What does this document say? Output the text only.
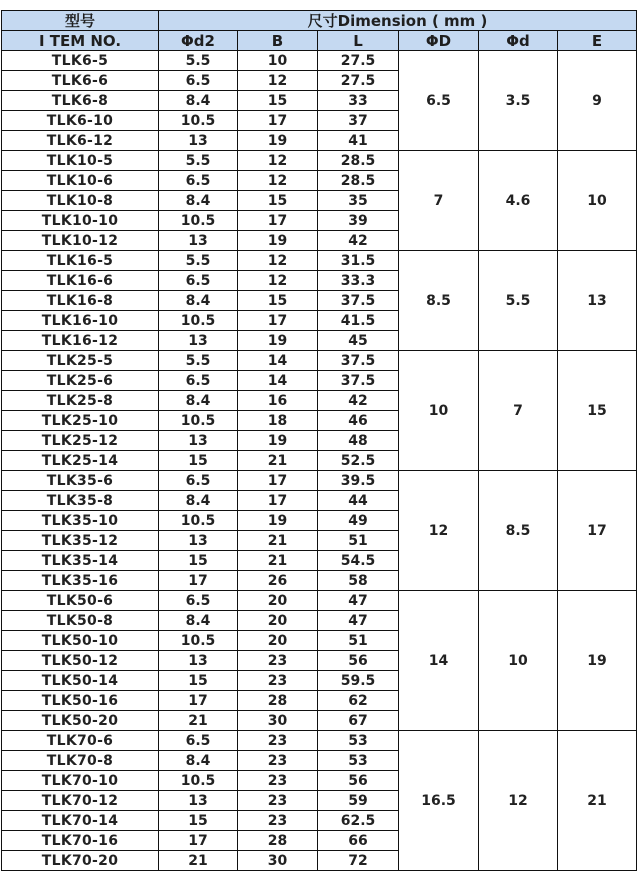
型号	尺寸Dimension ( mm )					
I TEM NO.	Φd2	B	L	ΦD	Φd	E
TLK6-5	5.5	10	27.5	6.5	3.5	9
TLK6-6	6.5	12	27.5			
TLK6-8	8.4	15	33			
TLK6-10	10.5	17	37			
TLK6-12	13	19	41			
TLK10-5	5.5	12	28.5	7	4.6	10
TLK10-6	6.5	12	28.5			
TLK10-8	8.4	15	35			
TLK10-10	10.5	17	39			
TLK10-12	13	19	42			
TLK16-5	5.5	12	31.5	8.5	5.5	13
TLK16-6	6.5	12	33.3			
TLK16-8	8.4	15	37.5			
TLK16-10	10.5	17	41.5			
TLK16-12	13	19	45			
TLK25-5	5.5	14	37.5	10	7	15
TLK25-6	6.5	14	37.5			
TLK25-8	8.4	16	42			
TLK25-10	10.5	18	46			
TLK25-12	13	19	48			
TLK25-14	15	21	52.5			
TLK35-6	6.5	17	39.5	12	8.5	17
TLK35-8	8.4	17	44			
TLK35-10	10.5	19	49			
TLK35-12	13	21	51			
TLK35-14	15	21	54.5			
TLK35-16	17	26	58			
TLK50-6	6.5	20	47	14	10	19
TLK50-8	8.4	20	47			
TLK50-10	10.5	20	51			
TLK50-12	13	23	56			
TLK50-14	15	23	59.5			
TLK50-16	17	28	62			
TLK50-20	21	30	67			
TLK70-6	6.5	23	53	16.5	12	21
TLK70-8	8.4	23	53			
TLK70-10	10.5	23	56			
TLK70-12	13	23	59			
TLK70-14	15	23	62.5			
TLK70-16	17	28	66			
TLK70-20	21	30	72			
